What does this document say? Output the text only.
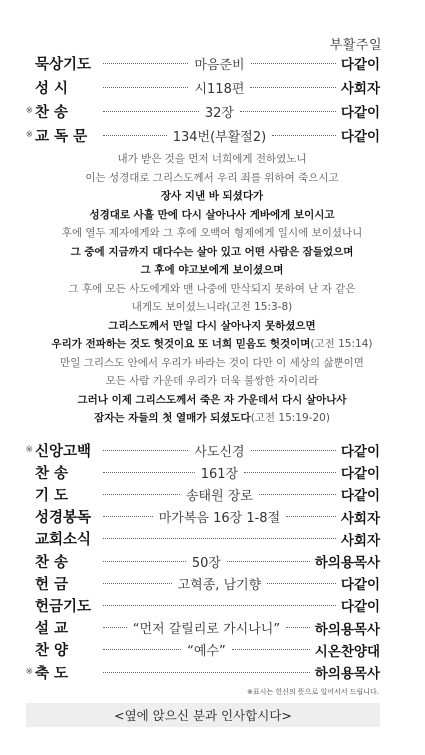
부활주일
묵상기도	마음준비	다같이
성 시	시118편	사회자
※ 찬 송	32장	다같이
※ 교 독 문	134번(부활절2)	다같이
내가 받은 것을 먼저 너희에게 전하였노니
이는 성경대로 그리스도께서 우리 죄를 위하여 죽으시고
장사 지낸 바 되셨다가
성경대로 사흘 만에 다시 살아나사 게바에게 보이시고
후에 열두 제자에게와 그 후에 오백여 형제에게 일시에 보이셨나니
그 중에 지금까지 대다수는 살아 있고 어떤 사람은 잠들었으며
그 후에 야고보에게 보이셨으며
그 후에 모든 사도에게와 맨 나중에 만삭되지 못하여 난 자 같은
내게도 보이셨느니라(고전 15:3-8)
그리스도께서 만일 다시 살아나지 못하셨으면
우리가 전파하는 것도 헛것이요 또 너희 믿음도 헛것이며(고전 15:14)
만일 그리스도 안에서 우리가 바라는 것이 다만 이 세상의 삶뿐이면
모든 사람 가운데 우리가 더욱 불쌍한 자이리라
그러나 이제 그리스도께서 죽은 자 가운데서 다시 살아나사
잠자는 자들의 첫 열매가 되셨도다(고전 15:19-20)
※ 신앙고백	사도신경	다같이
찬 송	161장	다같이
기 도	송태원 장로	다같이
성경봉독	마가복음 16장 1-8절	사회자
교회소식	사회자
찬 송	50장	하의용목사
헌 금	고혁종, 남기향	다같이
헌금기도	다같이
설 교	“먼저 갈릴리로 가시나니”	하의용목사
찬 양	“예수”	시온찬양대
※ 축 도	하의용목사
※표시는 헌신의 뜻으로 일어서서 드립니다.
<옆에 앉으신 분과 인사합시다>
